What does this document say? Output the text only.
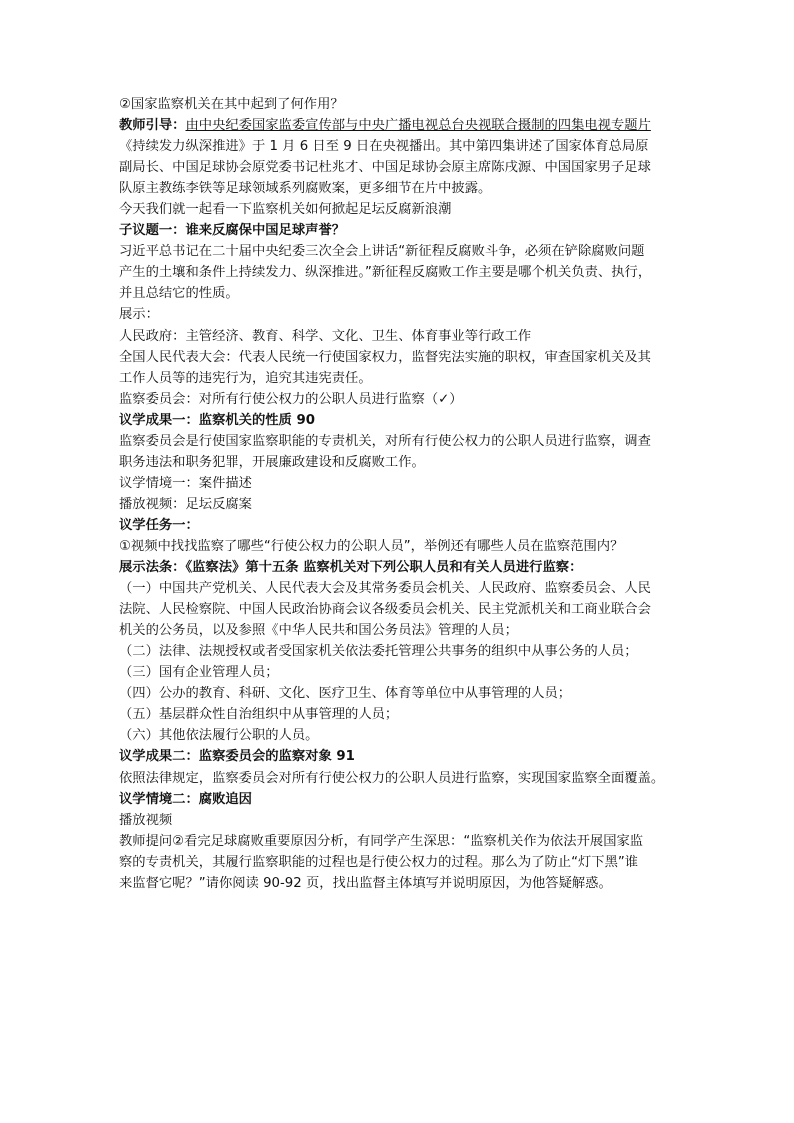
②国家监察机关在其中起到了何作用？
教师引导：由中央纪委国家监委宣传部与中央广播电视总台央视联合摄制的四集电视专题片
《持续发力纵深推进》于 1 月 6 日至 9 日在央视播出。其中第四集讲述了国家体育总局原
副局长、中国足球协会原党委书记杜兆才、中国足球协会原主席陈戌源、中国国家男子足球
队原主教练李铁等足球领域系列腐败案，更多细节在片中披露。
今天我们就一起看一下监察机关如何掀起足坛反腐新浪潮
子议题一：谁来反腐保中国足球声誉？
习近平总书记在二十届中央纪委三次全会上讲话“新征程反腐败斗争，必须在铲除腐败问题
产生的土壤和条件上持续发力、纵深推进。”新征程反腐败工作主要是哪个机关负责、执行，
并且总结它的性质。
展示：
人民政府：主管经济、教育、科学、文化、卫生、体育事业等行政工作
全国人民代表大会：代表人民统一行使国家权力，监督宪法实施的职权，审查国家机关及其
工作人员等的违宪行为，追究其违宪责任。
监察委员会：对所有行使公权力的公职人员进行监察（✓）
议学成果一：监察机关的性质 90
监察委员会是行使国家监察职能的专责机关，对所有行使公权力的公职人员进行监察，调查
职务违法和职务犯罪，开展廉政建设和反腐败工作。
议学情境一：案件描述
播放视频：足坛反腐案
议学任务一：
①视频中找找监察了哪些“行使公权力的公职人员”，举例还有哪些人员在监察范围内？
展示法条：《监察法》第十五条 监察机关对下列公职人员和有关人员进行监察：
（一）中国共产党机关、人民代表大会及其常务委员会机关、人民政府、监察委员会、人民
法院、人民检察院、中国人民政治协商会议各级委员会机关、民主党派机关和工商业联合会
机关的公务员，以及参照《中华人民共和国公务员法》管理的人员；
（二）法律、法规授权或者受国家机关依法委托管理公共事务的组织中从事公务的人员；
（三）国有企业管理人员；
（四）公办的教育、科研、文化、医疗卫生、体育等单位中从事管理的人员；
（五）基层群众性自治组织中从事管理的人员；
（六）其他依法履行公职的人员。
议学成果二：监察委员会的监察对象 91
依照法律规定，监察委员会对所有行使公权力的公职人员进行监察，实现国家监察全面覆盖。
议学情境二：腐败追因
播放视频
教师提问②看完足球腐败重要原因分析，有同学产生深思：“监察机关作为依法开展国家监
察的专责机关，其履行监察职能的过程也是行使公权力的过程。那么为了防止“灯下黑”谁
来监督它呢？”请你阅读 90-92 页，找出监督主体填写并说明原因，为他答疑解惑。
